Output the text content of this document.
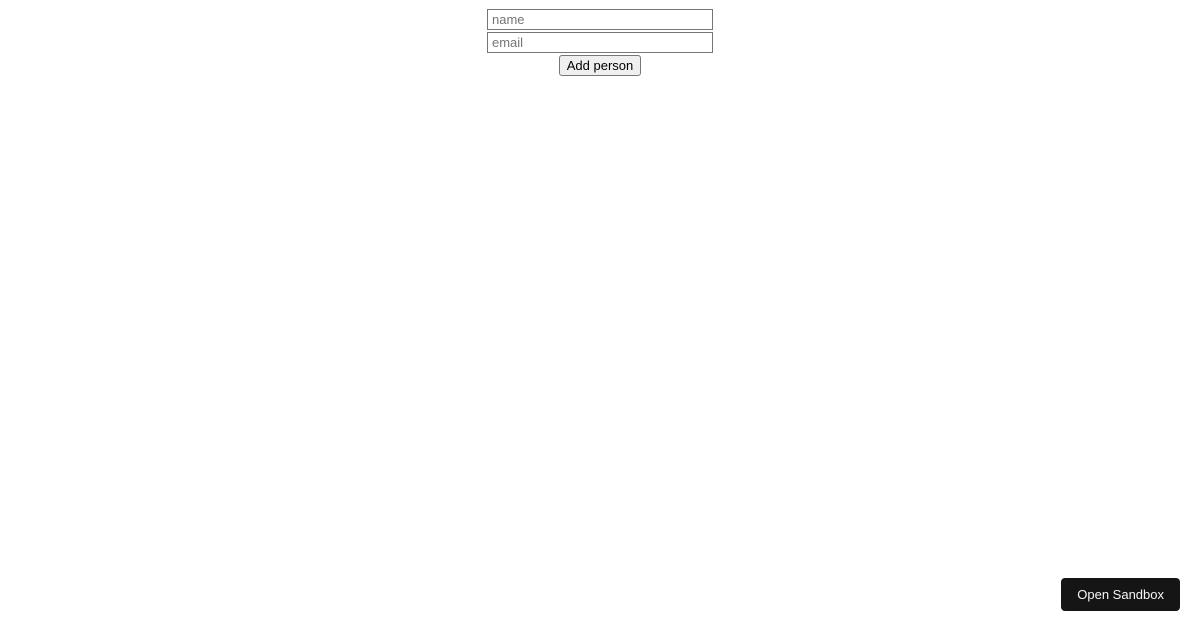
name
email
Add person
Open Sandbox
